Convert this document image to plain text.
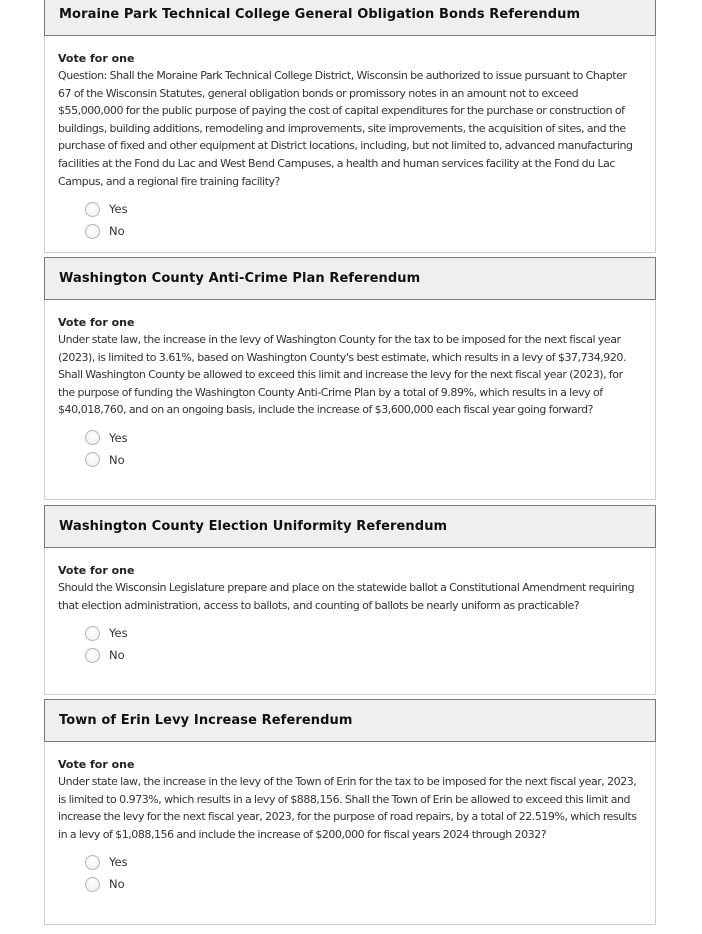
Moraine Park Technical College General Obligation Bonds Referendum

Vote for one

Question: Shall the Moraine Park Technical College District, Wisconsin be authorized to issue pursuant to Chapter 67 of the Wisconsin Statutes, general obligation bonds or promissory notes in an amount not to exceed $55,000,000 for the public purpose of paying the cost of capital expenditures for the purchase or construction of buildings, building additions, remodeling and improvements, site improvements, the acquisition of sites, and the purchase of fixed and other equipment at District locations, including, but not limited to, advanced manufacturing facilities at the Fond du Lac and West Bend Campuses, a health and human services facility at the Fond du Lac Campus, and a regional fire training facility?

Yes
No
Washington County Anti-Crime Plan Referendum

Vote for one

Under state law, the increase in the levy of Washington County for the tax to be imposed for the next fiscal year (2023), is limited to 3.61%, based on Washington County's best estimate, which results in a levy of $37,734,920. Shall Washington County be allowed to exceed this limit and increase the levy for the next fiscal year (2023), for the purpose of funding the Washington County Anti-Crime Plan by a total of 9.89%, which results in a levy of $40,018,760, and on an ongoing basis, include the increase of $3,600,000 each fiscal year going forward?

Yes
No
Washington County Election Uniformity Referendum

Vote for one

Should the Wisconsin Legislature prepare and place on the statewide ballot a Constitutional Amendment requiring that election administration, access to ballots, and counting of ballots be nearly uniform as practicable?

Yes
No
Town of Erin Levy Increase Referendum

Vote for one

Under state law, the increase in the levy of the Town of Erin for the tax to be imposed for the next fiscal year, 2023, is limited to 0.973%, which results in a levy of $888,156. Shall the Town of Erin be allowed to exceed this limit and increase the levy for the next fiscal year, 2023, for the purpose of road repairs, by a total of 22.519%, which results in a levy of $1,088,156 and include the increase of $200,000 for fiscal years 2024 through 2032?

Yes
No
